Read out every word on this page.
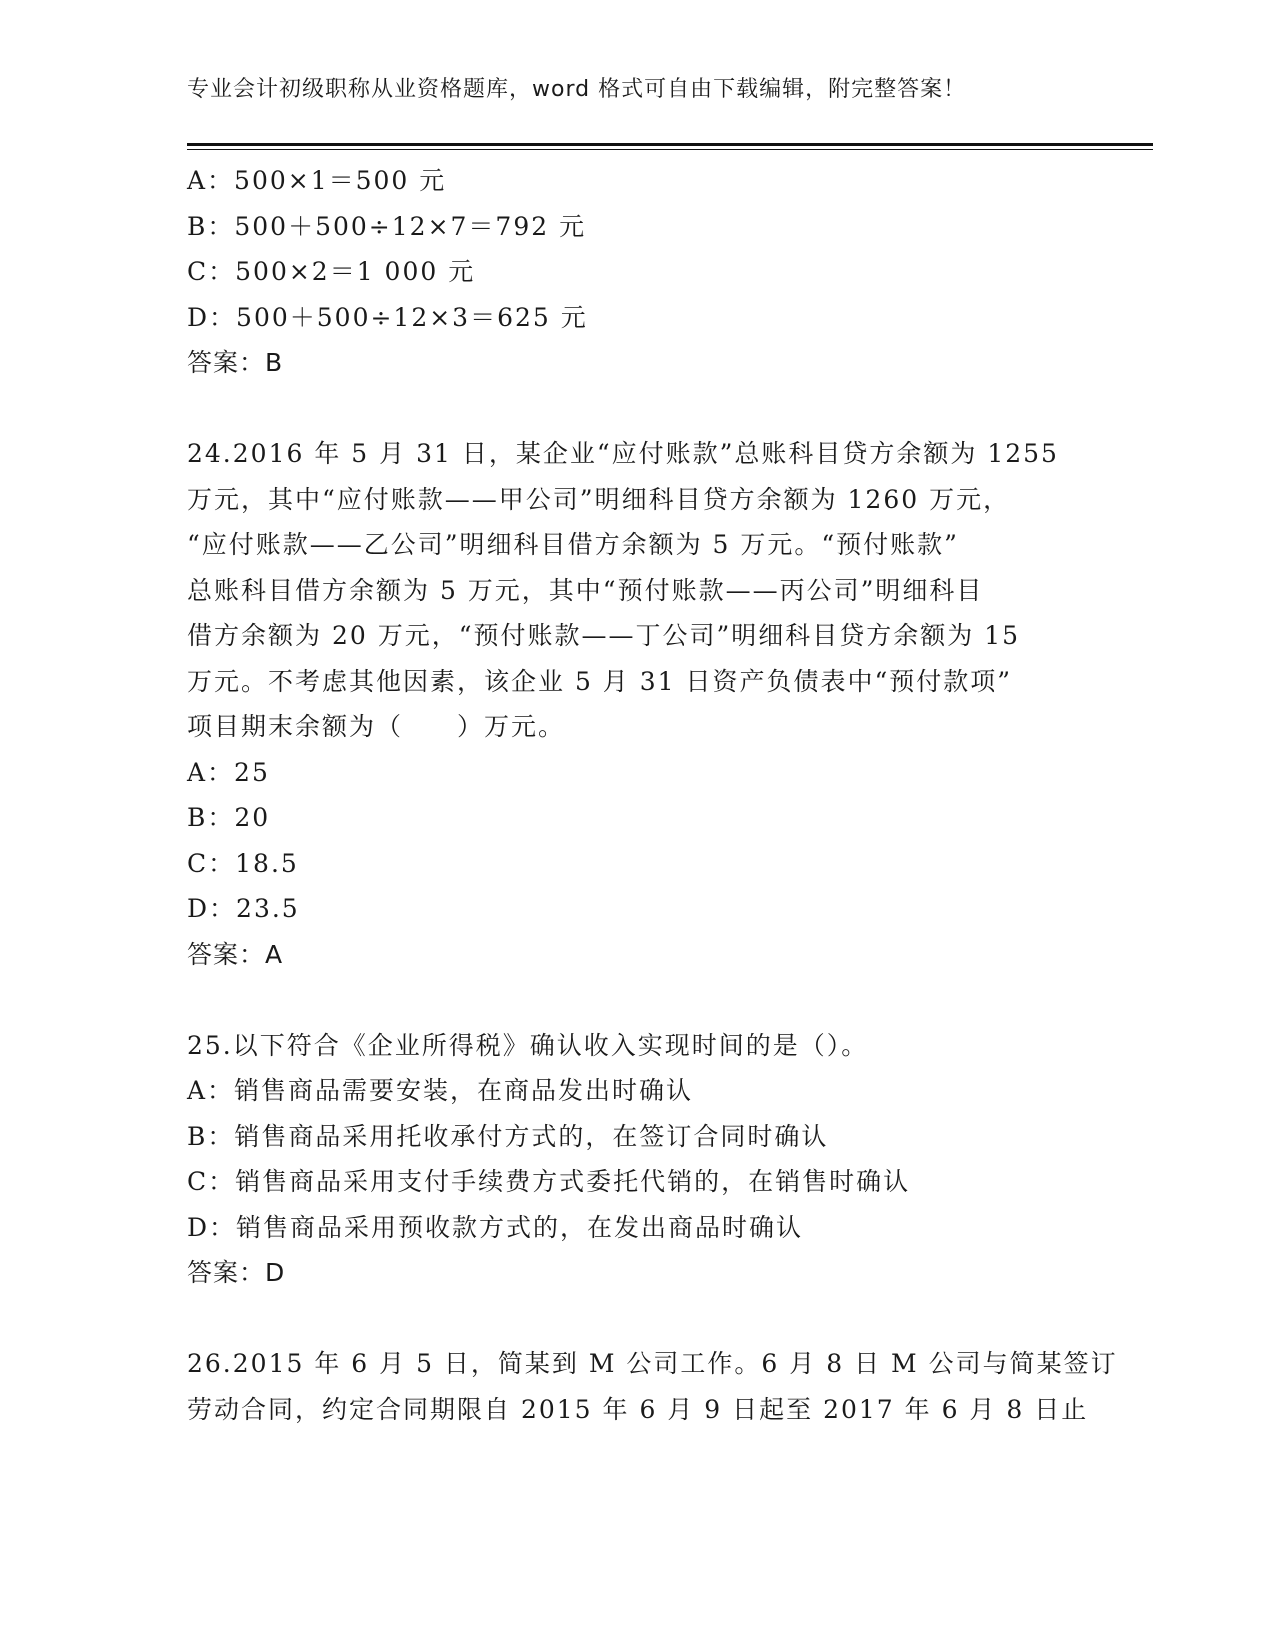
专业会计初级职称从业资格题库，word 格式可自由下载编辑，附完整答案！
A：500×1＝500 元
B：500＋500÷12×7＝792 元
C：500×2＝1 000 元
D：500＋500÷12×3＝625 元
答案：B
24.2016 年 5 月 31 日，某企业“应付账款”总账科目贷方余额为 1255
万元，其中“应付账款——甲公司”明细科目贷方余额为 1260 万元，
“应付账款——乙公司”明细科目借方余额为 5 万元。“预付账款”
总账科目借方余额为 5 万元，其中“预付账款——丙公司”明细科目
借方余额为 20 万元，“预付账款——丁公司”明细科目贷方余额为 15
万元。不考虑其他因素，该企业 5 月 31 日资产负债表中“预付款项”
项目期末余额为（　　）万元。
A：25
B：20
C：18.5
D：23.5
答案：A
25.以下符合《企业所得税》确认收入实现时间的是（）。
A：销售商品需要安装，在商品发出时确认
B：销售商品采用托收承付方式的，在签订合同时确认
C：销售商品采用支付手续费方式委托代销的，在销售时确认
D：销售商品采用预收款方式的，在发出商品时确认
答案：D
26.2015 年 6 月 5 日，简某到 M 公司工作。6 月 8 日 M 公司与简某签订
劳动合同，约定合同期限自 2015 年 6 月 9 日起至 2017 年 6 月 8 日止
